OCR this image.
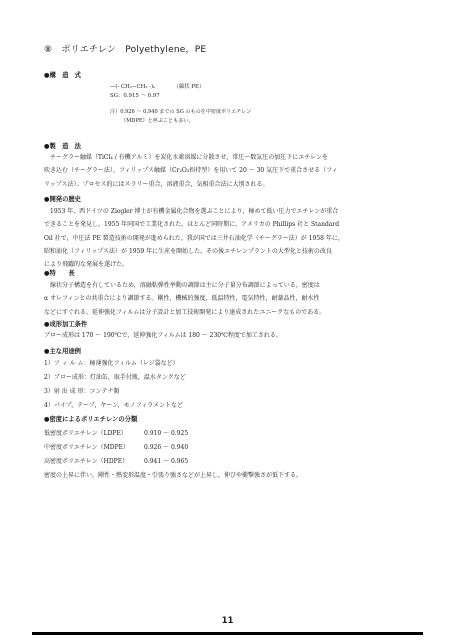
⑧　ポリエチレン　Polyethylene，PE
●構　造　式
—(- CH₂−CH₂ -)ₙ	（線状 PE）
SG：0.915 ～ 0.97
注）0.926 ～ 0.940 までの SG のものを中密度ポリエチレン
（MDPE）と呼ぶことも多い。
●製　造　法
　チーグラー触媒（TiCl₄ / 有機アルミ）を炭化水素溶媒に分散させ，常圧～数気圧の加圧下にエチレンを
吹き込む（チーグラー法），フィリップス触媒（Cr₂O₃担持型）を用いて 20 ～ 30 気圧下で重合させる（フィ
リップス法）。プロセス的にはスラリー重合，溶液重合，気相重合法に大別される。
●開発の歴史
　1953 年，西ドイツの Ziegler 博士が有機金属化合物を選ぶことにより，極めて低い圧力でエチレンが重合
できることを発見し，1955 年同国で工業化された。ほとんど同時期に，アメリカの Phillips 社と Standard
Oil 社で，中圧法 PE 製造技術の開発が進められた。我が国では三井石油化学（チーグラー法）が 1958 年に，
昭和油化（フィリップス法）が 1959 年に生産を開始した。その後エチレンプラントの大型化と技術の改良
により飛躍的な発展を遂げた。
●特　　長
　線状分子構造を有しているため，溶融粘弾性挙動の調節は主に分子量分布調節によっている。密度は
α オレフィンとの共重合により調節する。剛性，機械的強度，低温特性，電気特性，耐薬品性，耐水性
などにすぐれる。延伸強化フィルムは分子設計と加工技術開発により達成されたユニークなものである。
●成形加工条件
ブロー成形は 170 ～ 190℃で，延伸強化フィルムは 180 ～ 230℃程度で加工される。
●主な用途例
1）フ ィ ル ム：極薄強化フィルム（レジ袋など）
2）ブロー成形：灯油缶，取手付瓶，温水タンクなど
3）射 出 成 形：コンテナ類
4）パイプ，テープ，ヤーン，モノフィラメントなど
●密度によるポリエチレンの分類
低密度ポリエチレン（LDPE）	0.910 ～ 0.925
中密度ポリエチレン（MDPE）	0.926 ～ 0.940
高密度ポリエチレン（HDPE）	0.941 ～ 0.965
密度の上昇に伴い，剛性・熱変形温度・引張り強さなどが上昇し，伸びや衝撃強さが低下する。
11
